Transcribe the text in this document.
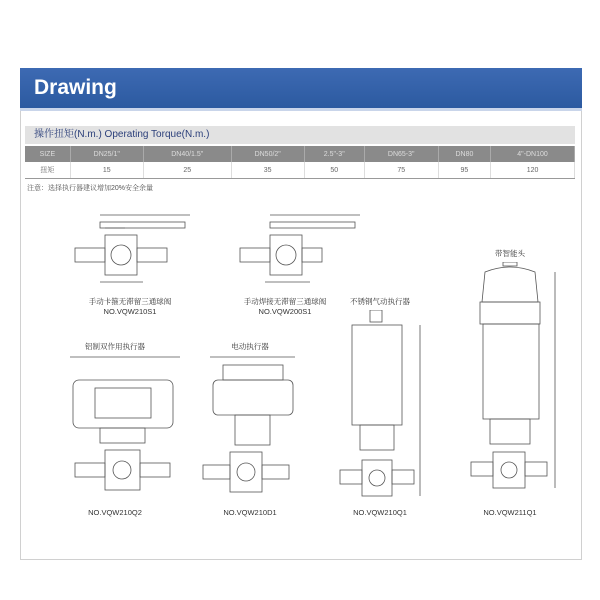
Drawing
操作扭矩(N.m.) Operating Torque(N.m.)
SIZE	DN25/1"	DN40/1.5"	DN50/2"	2.5"-3"	DN65-3"	DN80	4"-DN100
扭矩	15	25	35	50	75	95	120
注意：选择执行器建议增加20%安全余量
手动卡箍无滞留三通球阀
NO.VQW210S1
手动焊接无滞留三通球阀
NO.VQW200S1
不锈钢气动执行器
NO.VQW210Q1
带智能头
NO.VQW211Q1
铝制双作用执行器
NO.VQW210Q2
电动执行器
NO.VQW210D1
